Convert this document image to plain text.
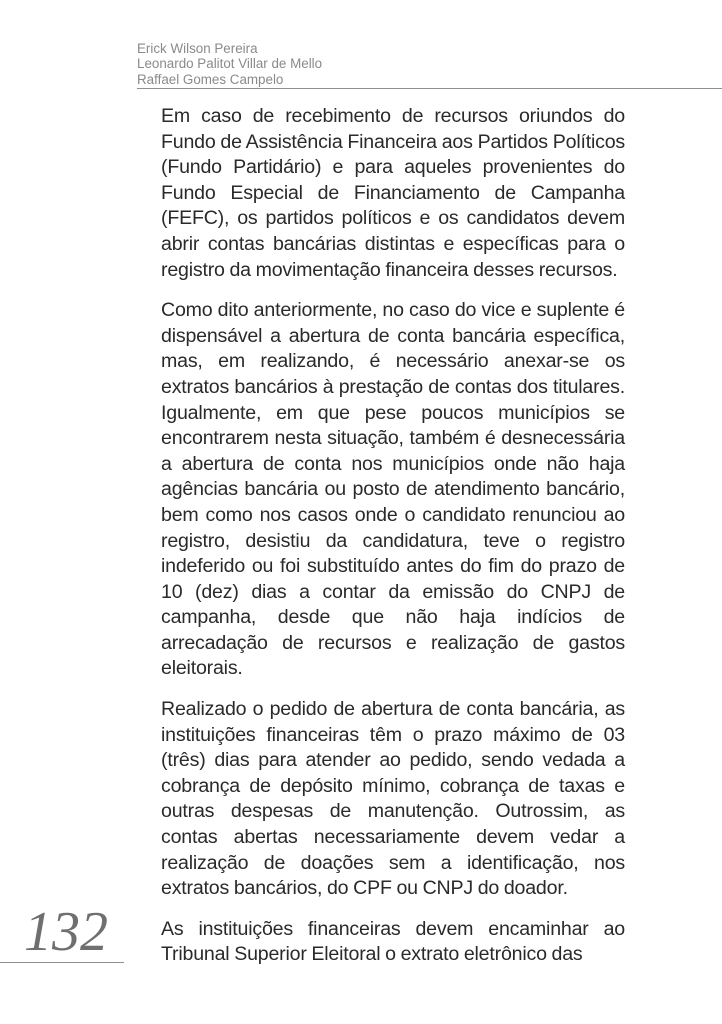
Erick Wilson Pereira
Leonardo Palitot Villar de Mello
Raffael Gomes Campelo

Em caso de recebimento de recursos oriundos do Fundo de Assistência Financeira aos Partidos Políticos (Fundo Partidário) e para aqueles provenientes do Fundo Especial de Financiamento de Campanha (FEFC), os partidos políticos e os candidatos devem abrir contas bancárias distintas e específicas para o registro da movimentação financeira desses recursos.

Como dito anteriormente, no caso do vice e suplente é dispensável a abertura de conta bancária específica, mas, em realizando, é necessário anexar-se os extratos bancários à prestação de contas dos titulares. Igualmente, em que pese poucos municípios se encontrarem nesta situação, também é desnecessária a abertura de conta nos municípios onde não haja agências bancária ou posto de atendimento bancário, bem como nos casos onde o candidato renunciou ao registro, desistiu da candidatura, teve o registro indeferido ou foi substituído antes do fim do prazo de 10 (dez) dias a contar da emissão do CNPJ de campanha, desde que não haja indícios de arrecadação de recursos e realização de gastos eleitorais.

Realizado o pedido de abertura de conta bancária, as instituições financeiras têm o prazo máximo de 03 (três) dias para atender ao pedido, sendo vedada a cobrança de depósito mínimo, cobrança de taxas e outras despesas de manutenção. Outrossim, as contas abertas necessariamente devem vedar a realização de doações sem a identificação, nos extratos bancários, do CPF ou CNPJ do doador.

As instituições financeiras devem encaminhar ao Tribunal Superior Eleitoral o extrato eletrônico das

132
